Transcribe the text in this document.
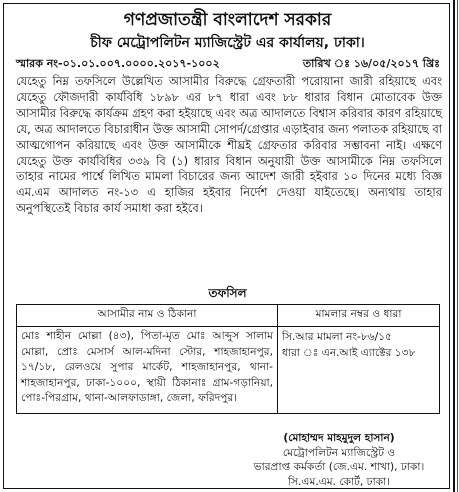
গণপ্রজাতন্ত্রী বাংলাদেশ সরকার
চীফ মেট্রোপলিটন ম্যাজিস্ট্রেট এর কার্যালয়, ঢাকা।
স্মারক নং-০১.০১.০০৭.০০০০.২০১৭-১০০২	তারিখ ঃ ১৬/০৫/২০১৭ খ্রিঃ

যেহেতু নিম্ন তফসিলে উল্লেখিত আসামীর বিরুদ্ধে গ্রেফতারী পরোয়ানা জারী রহিয়াছে এবং যেহেতু ফৌজদারী কার্যবিধি ১৮৯৮ এর ৮৭ ধারা এবং ৮৮ ধারার বিধান মোতাবেক উক্ত আসামীর বিরুদ্ধে কার্যক্রম গ্রহণ করা হইয়াছে এবং অত্র আদালতে বিশ্বাস করিবার কারণ রহিয়াছে যে, অত্র আদালতে বিচারাধীন উক্ত আসামী সোপর্দ/গ্রেপ্তার এড়াইবার জন্য পলাতক রহিয়াছে বা আত্মগোপন করিয়াছে এবং উক্ত আসামীকে শীঘ্রই গ্রেফতার করিবার সম্ভাবনা নাই। এক্ষণে যেহেতু উক্ত কার্যবিধির ৩৩৯ বি (১) ধারার বিধান অনুযায়ী উক্ত আসামীকে নিম্ন তফসিলে তাহার নামের পার্শ্বে লিখিত মামলা বিচারের জন্য আদেশ জারী হইবার ১০ দিনের মধ্যে বিজ্ঞ এম.এম আদালত নং-১৩ এ হাজির হইবার নির্দেশ দেওয়া যাইতেছে। অন্যথায় তাহার অনুপস্থিতেই বিচার কার্য সমাধা করা হইবে।

তফসিল
আসামীর নাম ও ঠিকানা	মামলার নম্বর ও ধারা
মোঃ শাহীন মোল্লা (৪৩), পিতা-মৃত মোঃ আব্দুস সালাম মোল্লা, প্রোঃ মেসার্স আল-মদিনা স্টোর, শাহজাহানপুর, ১৭/১৮, রেলওয়ে সুপার মার্কেট, শাহজাহানপুর, থানা-শাহজাহানপুর, ঢাকা-১০০০, স্থায়ী ঠিকানাঃ গ্রাম-গড়ানিয়া, পোঃ-পিরগ্রাম, থানা-আলফাডাঙ্গা, জেলা, ফরিদপুর।	সি.আর মামলা নং-৮৬/১৫
ধারা ঃ এন.আই এ্যাক্টের ১৩৮
(মোহাম্মদ মাহমুদুল হাসান)
মেট্রোপলিটন ম্যাজিস্ট্রেট ও
ভারপ্রাপ্ত কর্মকর্তা (জে.এম. শাখা), ঢাকা।
সি.এম.এম. কোর্ট, ঢাকা।
